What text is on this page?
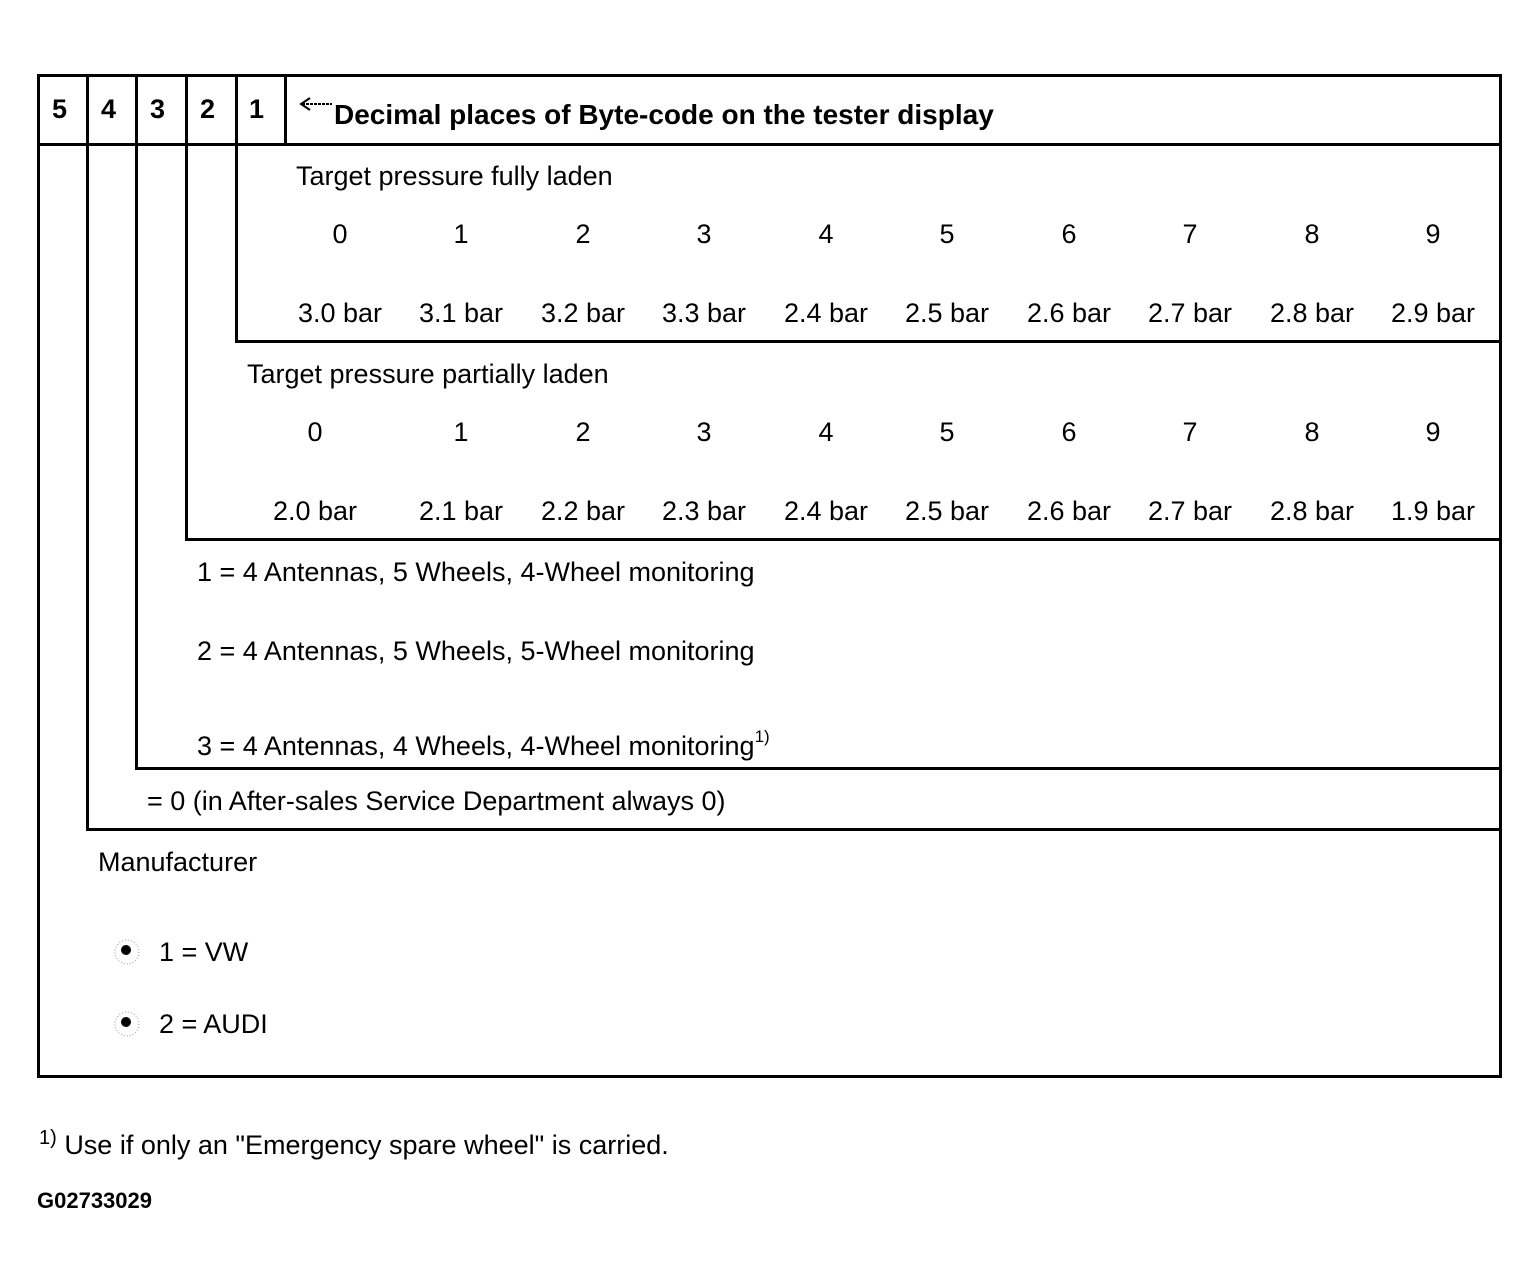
5 4 3 2 1 Decimal places of Byte-code on the tester display
Target pressure fully laden
0	1	2	3	4	5	6	7	8	9
3.0 bar	3.1 bar	3.2 bar	3.3 bar	2.4 bar	2.5 bar	2.6 bar	2.7 bar	2.8 bar	2.9 bar
Target pressure partially laden
0	1	2	3	4	5	6	7	8	9
2.0 bar	2.1 bar	2.2 bar	2.3 bar	2.4 bar	2.5 bar	2.6 bar	2.7 bar	2.8 bar	1.9 bar
1 = 4 Antennas, 5 Wheels, 4-Wheel monitoring
2 = 4 Antennas, 5 Wheels, 5-Wheel monitoring
3 = 4 Antennas, 4 Wheels, 4-Wheel monitoring$^{1)}$
= 0 (in After-sales Service Department always 0)
Manufacturer
1 = VW
2 = AUDI
$^{1)}$ Use if only an "Emergency spare wheel" is carried.
G02733029
